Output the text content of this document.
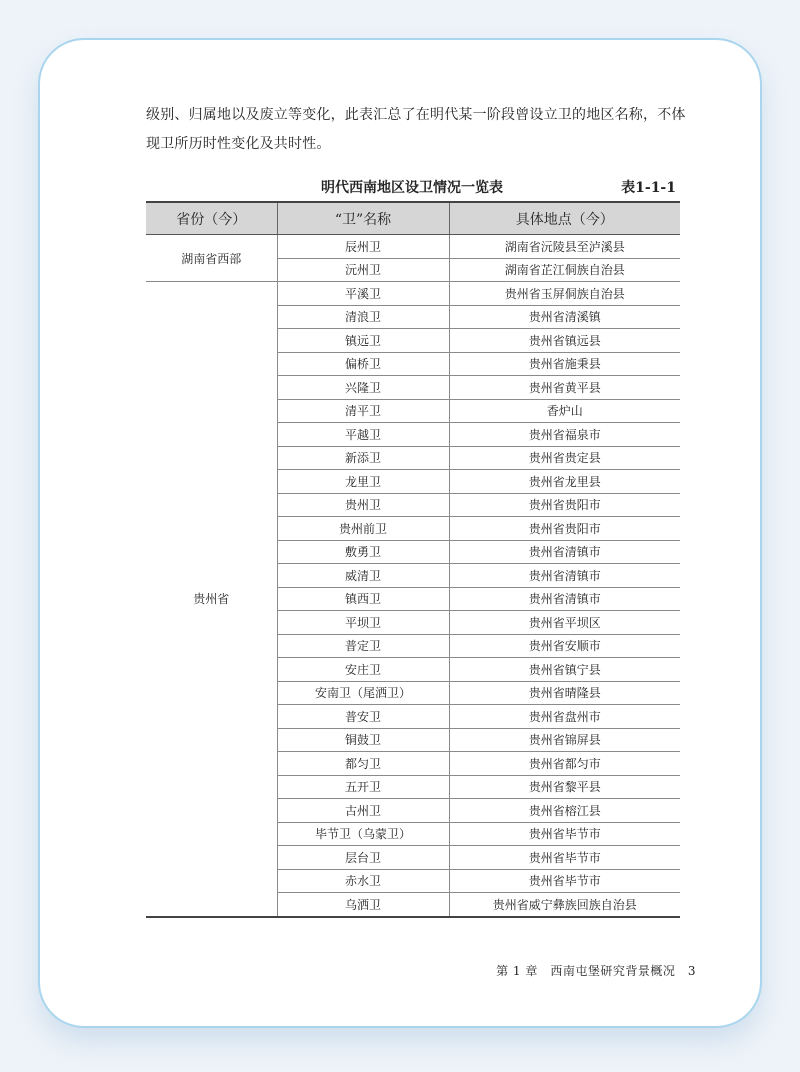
级别、归属地以及废立等变化，此表汇总了在明代某一阶段曾设立卫的地区名称，不体现卫所历时性变化及共时性。

明代西南地区设卫情况一览表	表1-1-1
省份（今）	“卫”名称	具体地点（今）
湖南省西部	辰州卫	湖南省沅陵县至泸溪县
	沅州卫	湖南省芷江侗族自治县
贵州省	平溪卫	贵州省玉屏侗族自治县
	清浪卫	贵州省清溪镇
	镇远卫	贵州省镇远县
	偏桥卫	贵州省施秉县
	兴隆卫	贵州省黄平县
	清平卫	香炉山
	平越卫	贵州省福泉市
	新添卫	贵州省贵定县
	龙里卫	贵州省龙里县
	贵州卫	贵州省贵阳市
	贵州前卫	贵州省贵阳市
	敷勇卫	贵州省清镇市
	威清卫	贵州省清镇市
	镇西卫	贵州省清镇市
	平坝卫	贵州省平坝区
	普定卫	贵州省安顺市
	安庄卫	贵州省镇宁县
	安南卫（尾洒卫）	贵州省晴隆县
	普安卫	贵州省盘州市
	铜鼓卫	贵州省锦屏县
	都匀卫	贵州省都匀市
	五开卫	贵州省黎平县
	古州卫	贵州省榕江县
	毕节卫（乌蒙卫）	贵州省毕节市
	层台卫	贵州省毕节市
	赤水卫	贵州省毕节市
	乌洒卫	贵州省威宁彝族回族自治县
第 1 章　西南屯堡研究背景概况　3
